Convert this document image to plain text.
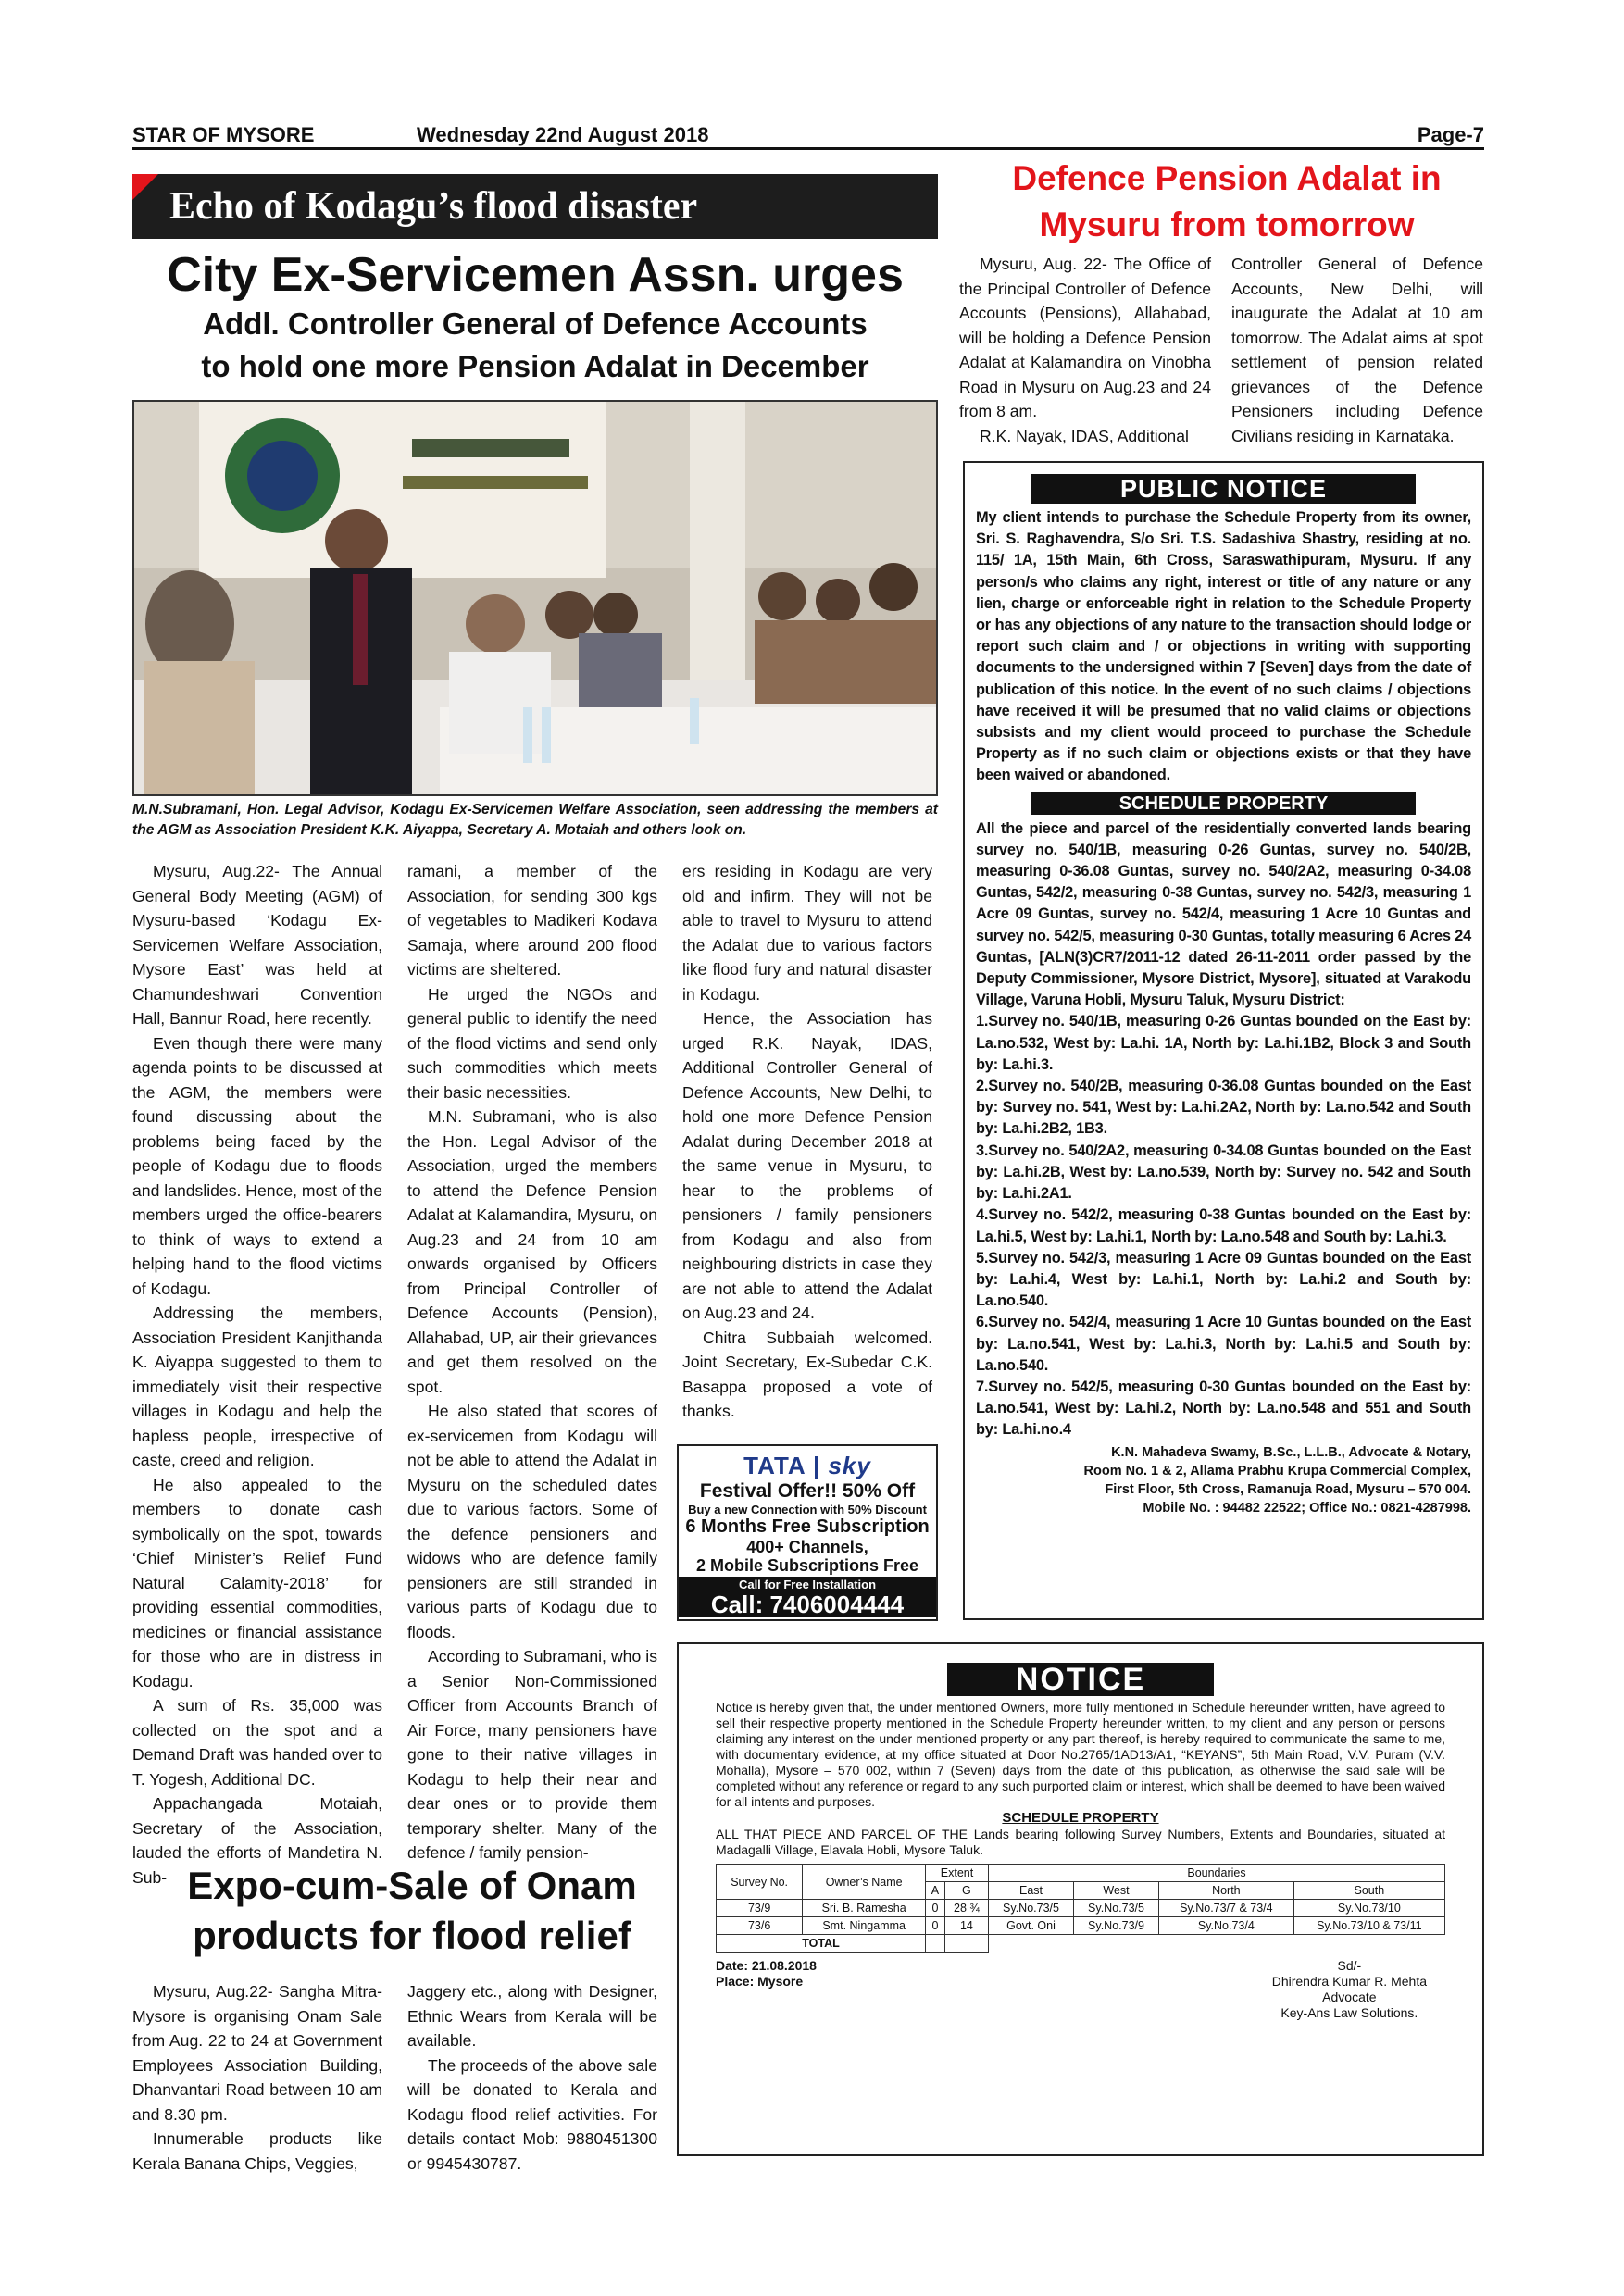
STAR OF MYSORE	Wednesday 22nd August 2018	Page-7
Echo of Kodagu’s flood disaster
City Ex-Servicemen Assn. urges
Addl. Controller General of Defence Accounts
to hold one more Pension Adalat in December
M.N.Subramani, Hon. Legal Advisor, Kodagu Ex-Servicemen Welfare Association, seen addressing the members at the AGM as Association President K.K. Aiyappa, Secretary A. Motaiah and others look on.

Mysuru, Aug.22- The Annual General Body Meeting (AGM) of Mysuru-based ‘Kodagu Ex-Servicemen Welfare Association, Mysore East’ was held at Chamundeshwari Convention Hall, Bannur Road, here recently.

Even though there were many agenda points to be discussed at the AGM, the members were found discussing about the problems being faced by the people of Kodagu due to floods and landslides. Hence, most of the members urged the office-bearers to think of ways to extend a helping hand to the flood victims of Kodagu.

Addressing the members, Association President Kanjithanda K. Aiyappa suggested to them to immediately visit their respective villages in Kodagu and help the hapless people, irrespective of caste, creed and religion.

He also appealed to the members to donate cash symbolically on the spot, towards ‘Chief Minister’s Relief Fund Natural Calamity-2018’ for providing essential commodities, medicines or financial assistance for those who are in distress in Kodagu.

A sum of Rs. 35,000 was collected on the spot and a Demand Draft was handed over to T. Yogesh, Additional DC.

Appachangada Motaiah, Secretary of the Association, lauded the efforts of Mandetira N. Sub-

ramani, a member of the Association, for sending 300 kgs of vegetables to Madikeri Kodava Samaja, where around 200 flood victims are sheltered.

He urged the NGOs and general public to identify the need of the flood victims and send only such commodities which meets their basic necessities.

M.N. Subramani, who is also the Hon. Legal Advisor of the Association, urged the members to attend the Defence Pension Adalat at Kalamandira, Mysuru, on Aug.23 and 24 from 10 am onwards organised by Officers from Principal Controller of Defence Accounts (Pension), Allahabad, UP, air their grievances and get them resolved on the spot.

He also stated that scores of ex-servicemen from Kodagu will not be able to attend the Adalat in Mysuru on the scheduled dates due to various factors. Some of the defence pensioners and widows who are defence family pensioners are still stranded in various parts of Kodagu due to floods.

According to Subramani, who is a Senior Non-Commissioned Officer from Accounts Branch of Air Force, many pensioners have gone to their native villages in Kodagu to help their near and dear ones or to provide them temporary shelter. Many of the defence / family pension-

ers residing in Kodagu are very old and infirm. They will not be able to travel to Mysuru to attend the Adalat due to various factors like flood fury and natural disaster in Kodagu.

Hence, the Association has urged R.K. Nayak, IDAS, Additional Controller General of Defence Accounts, New Delhi, to hold one more Defence Pension Adalat during December 2018 at the same venue in Mysuru, to hear to the problems of pensioners / family pensioners from Kodagu and also from neighbouring districts in case they are not able to attend the Adalat on Aug.23 and 24.

Chitra Subbaiah welcomed. Joint Secretary, Ex-Subedar C.K. Basappa proposed a vote of thanks.

TATA | sky
Festival Offer!! 50% Off
Buy a new Connection with 50% Discount
6 Months Free Subscription
400+ Channels,
2 Mobile Subscriptions Free
Call for Free Installation
Call: 7406004444
Expo-cum-Sale of Onam
products for flood relief

Mysuru, Aug.22- Sangha Mitra-Mysore is organising Onam Sale from Aug. 22 to 24 at Government Employees Association Building, Dhanvantari Road between 10 am and 8.30 pm.

Innumerable products like Kerala Banana Chips, Veggies,

Jaggery etc., along with Designer, Ethnic Wears from Kerala will be available.

The proceeds of the above sale will be donated to Kerala and Kodagu flood relief activities. For details contact Mob: 9880451300 or 9945430787.

Defence Pension Adalat in
Mysuru from tomorrow

Mysuru, Aug. 22- The Office of the Principal Controller of Defence Accounts (Pensions), Allahabad, will be holding a Defence Pension Adalat at Kalamandira on Vinobha Road in Mysuru on Aug.23 and 24 from 8 am.

R.K. Nayak, IDAS, Additional

Controller General of Defence Accounts, New Delhi, will inaugurate the Adalat at 10 am tomorrow. The Adalat aims at spot settlement of pension related grievances of the Defence Pensioners including Defence Civilians residing in Karnataka.

PUBLIC NOTICE
My client intends to purchase the Schedule Property from its owner, Sri. S. Raghavendra, S/o Sri. T.S. Sadashiva Shastry, residing at no. 115/ 1A, 15th Main, 6th Cross, Saraswathipuram, Mysuru. If any person/s who claims any right, interest or title of any nature or any lien, charge or enforceable right in relation to the Schedule Property or has any objections of any nature to the transaction should lodge or report such claim and / or objections in writing with supporting documents to the undersigned within 7 [Seven] days from the date of publication of this notice. In the event of no such claims / objections have received it will be presumed that no valid claims or objections subsists and my client would proceed to purchase the Schedule Property as if no such claim or objections exists or that they have been waived or abandoned.
SCHEDULE PROPERTY
All the piece and parcel of the residentially converted lands bearing survey no. 540/1B, measuring 0-26 Guntas, survey no. 540/2B, measuring 0-36.08 Guntas, survey no. 540/2A2, measuring 0-34.08 Guntas, 542/2, measuring 0-38 Guntas, survey no. 542/3, measuring 1 Acre 09 Guntas, survey no. 542/4, measuring 1 Acre 10 Guntas and survey no. 542/5, measuring 0-30 Guntas, totally measuring 6 Acres 24 Guntas, [ALN(3)CR7/2011-12 dated 26-11-2011 order passed by the Deputy Commissioner, Mysore District, Mysore], situated at Varakodu Village, Varuna Hobli, Mysuru Taluk, Mysuru District:

1.Survey no. 540/1B, measuring 0-26 Guntas bounded on the East by: La.no.532, West by: La.hi. 1A, North by: La.hi.1B2, Block 3 and South by: La.hi.3.

2.Survey no. 540/2B, measuring 0-36.08 Guntas bounded on the East by: Survey no. 541, West by: La.hi.2A2, North by: La.no.542 and South by: La.hi.2B2, 1B3.

3.Survey no. 540/2A2, measuring 0-34.08 Guntas bounded on the East by: La.hi.2B, West by: La.no.539, North by: Survey no. 542 and South by: La.hi.2A1.

4.Survey no. 542/2, measuring 0-38 Guntas bounded on the East by: La.hi.5, West by: La.hi.1, North by: La.no.548 and South by: La.hi.3.

5.Survey no. 542/3, measuring 1 Acre 09 Guntas bounded on the East by: La.hi.4, West by: La.hi.1, North by: La.hi.2 and South by: La.no.540.

6.Survey no. 542/4, measuring 1 Acre 10 Guntas bounded on the East by: La.no.541, West by: La.hi.3, North by: La.hi.5 and South by: La.no.540.

7.Survey no. 542/5, measuring 0-30 Guntas bounded on the East by: La.no.541, West by: La.hi.2, North by: La.no.548 and 551 and South by: La.hi.no.4

K.N. Mahadeva Swamy, B.Sc., L.L.B., Advocate & Notary,
Room No. 1 & 2, Allama Prabhu Krupa Commercial Complex,
First Floor, 5th Cross, Ramanuja Road, Mysuru – 570 004.
Mobile No. : 94482 22522; Office No.: 0821-4287998.
NOTICE
Notice is hereby given that, the under mentioned Owners, more fully mentioned in Schedule hereunder written, have agreed to sell their respective property mentioned in the Schedule Property hereunder written, to my client and any person or persons claiming any interest on the under mentioned property or any part thereof, is hereby required to communicate the same to me, with documentary evidence, at my office situated at Door No.2765/1AD13/A1, “KEYANS”, 5th Main Road, V.V. Puram (V.V. Mohalla), Mysore – 570 002, within 7 (Seven) days from the date of this publication, as otherwise the said sale will be completed without any reference or regard to any such purported claim or interest, which shall be deemed to have been waived for all intents and purposes.
SCHEDULE PROPERTY
ALL THAT PIECE AND PARCEL OF THE Lands bearing following Survey Numbers, Extents and Boundaries, situated at Madagalli Village, Elavala Hobli, Mysore Taluk.
Survey No.	Owner’s Name	Extent		Boundaries			
		A	G	East	West	North	South
73/9	Sri. B. Ramesha	0	28 ¾	Sy.No.73/5	Sy.No.73/5	Sy.No.73/7 & 73/4	Sy.No.73/10
73/6	Smt. Ningamma	0	14	Govt. Oni	Sy.No.73/9	Sy.No.73/4	Sy.No.73/10 & 73/11
TOTAL							
Date: 21.08.2018
Place: Mysore
Sd/-
Dhirendra Kumar R. Mehta
Advocate
Key-Ans Law Solutions.
